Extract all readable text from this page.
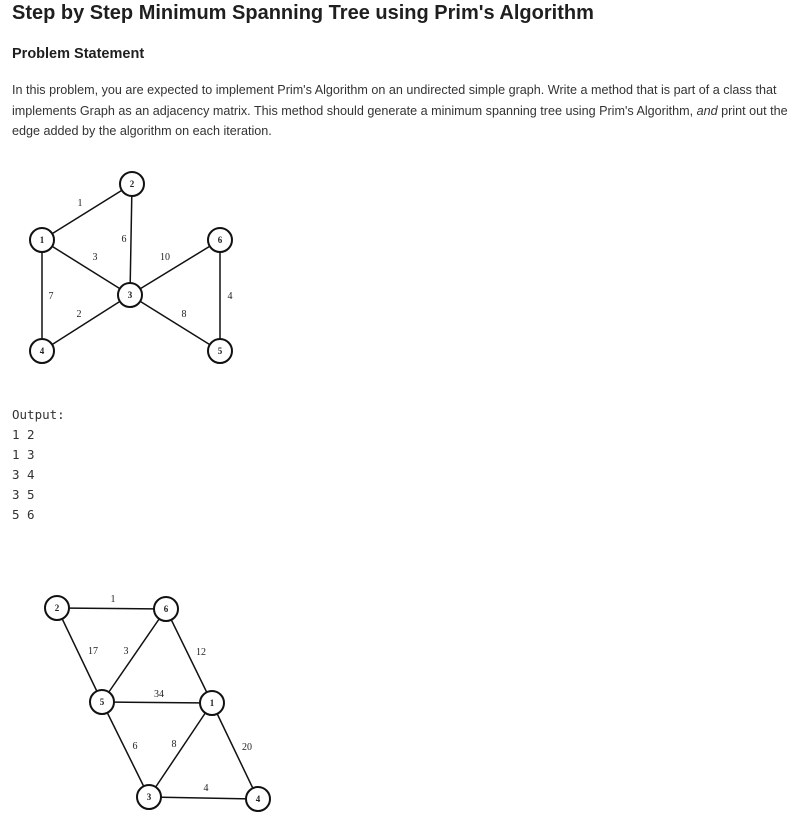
Step by Step Minimum Spanning Tree using Prim's Algorithm
Problem Statement

In this problem, you are expected to implement Prim's Algorithm on an undirected simple graph. Write a method that is part of a class that implements Graph as an adjacency matrix. This method should generate a minimum spanning tree using Prim's Algorithm, and print out the edge added by the algorithm on each iteration.

1
3
7
6
2
10
8
4
1
2
3
4	5
6
Output:
1 2
1 3
3 4
3 5
5 6
1
17	3	12
34
6	8	20
4
2	6
5	1
3	4
